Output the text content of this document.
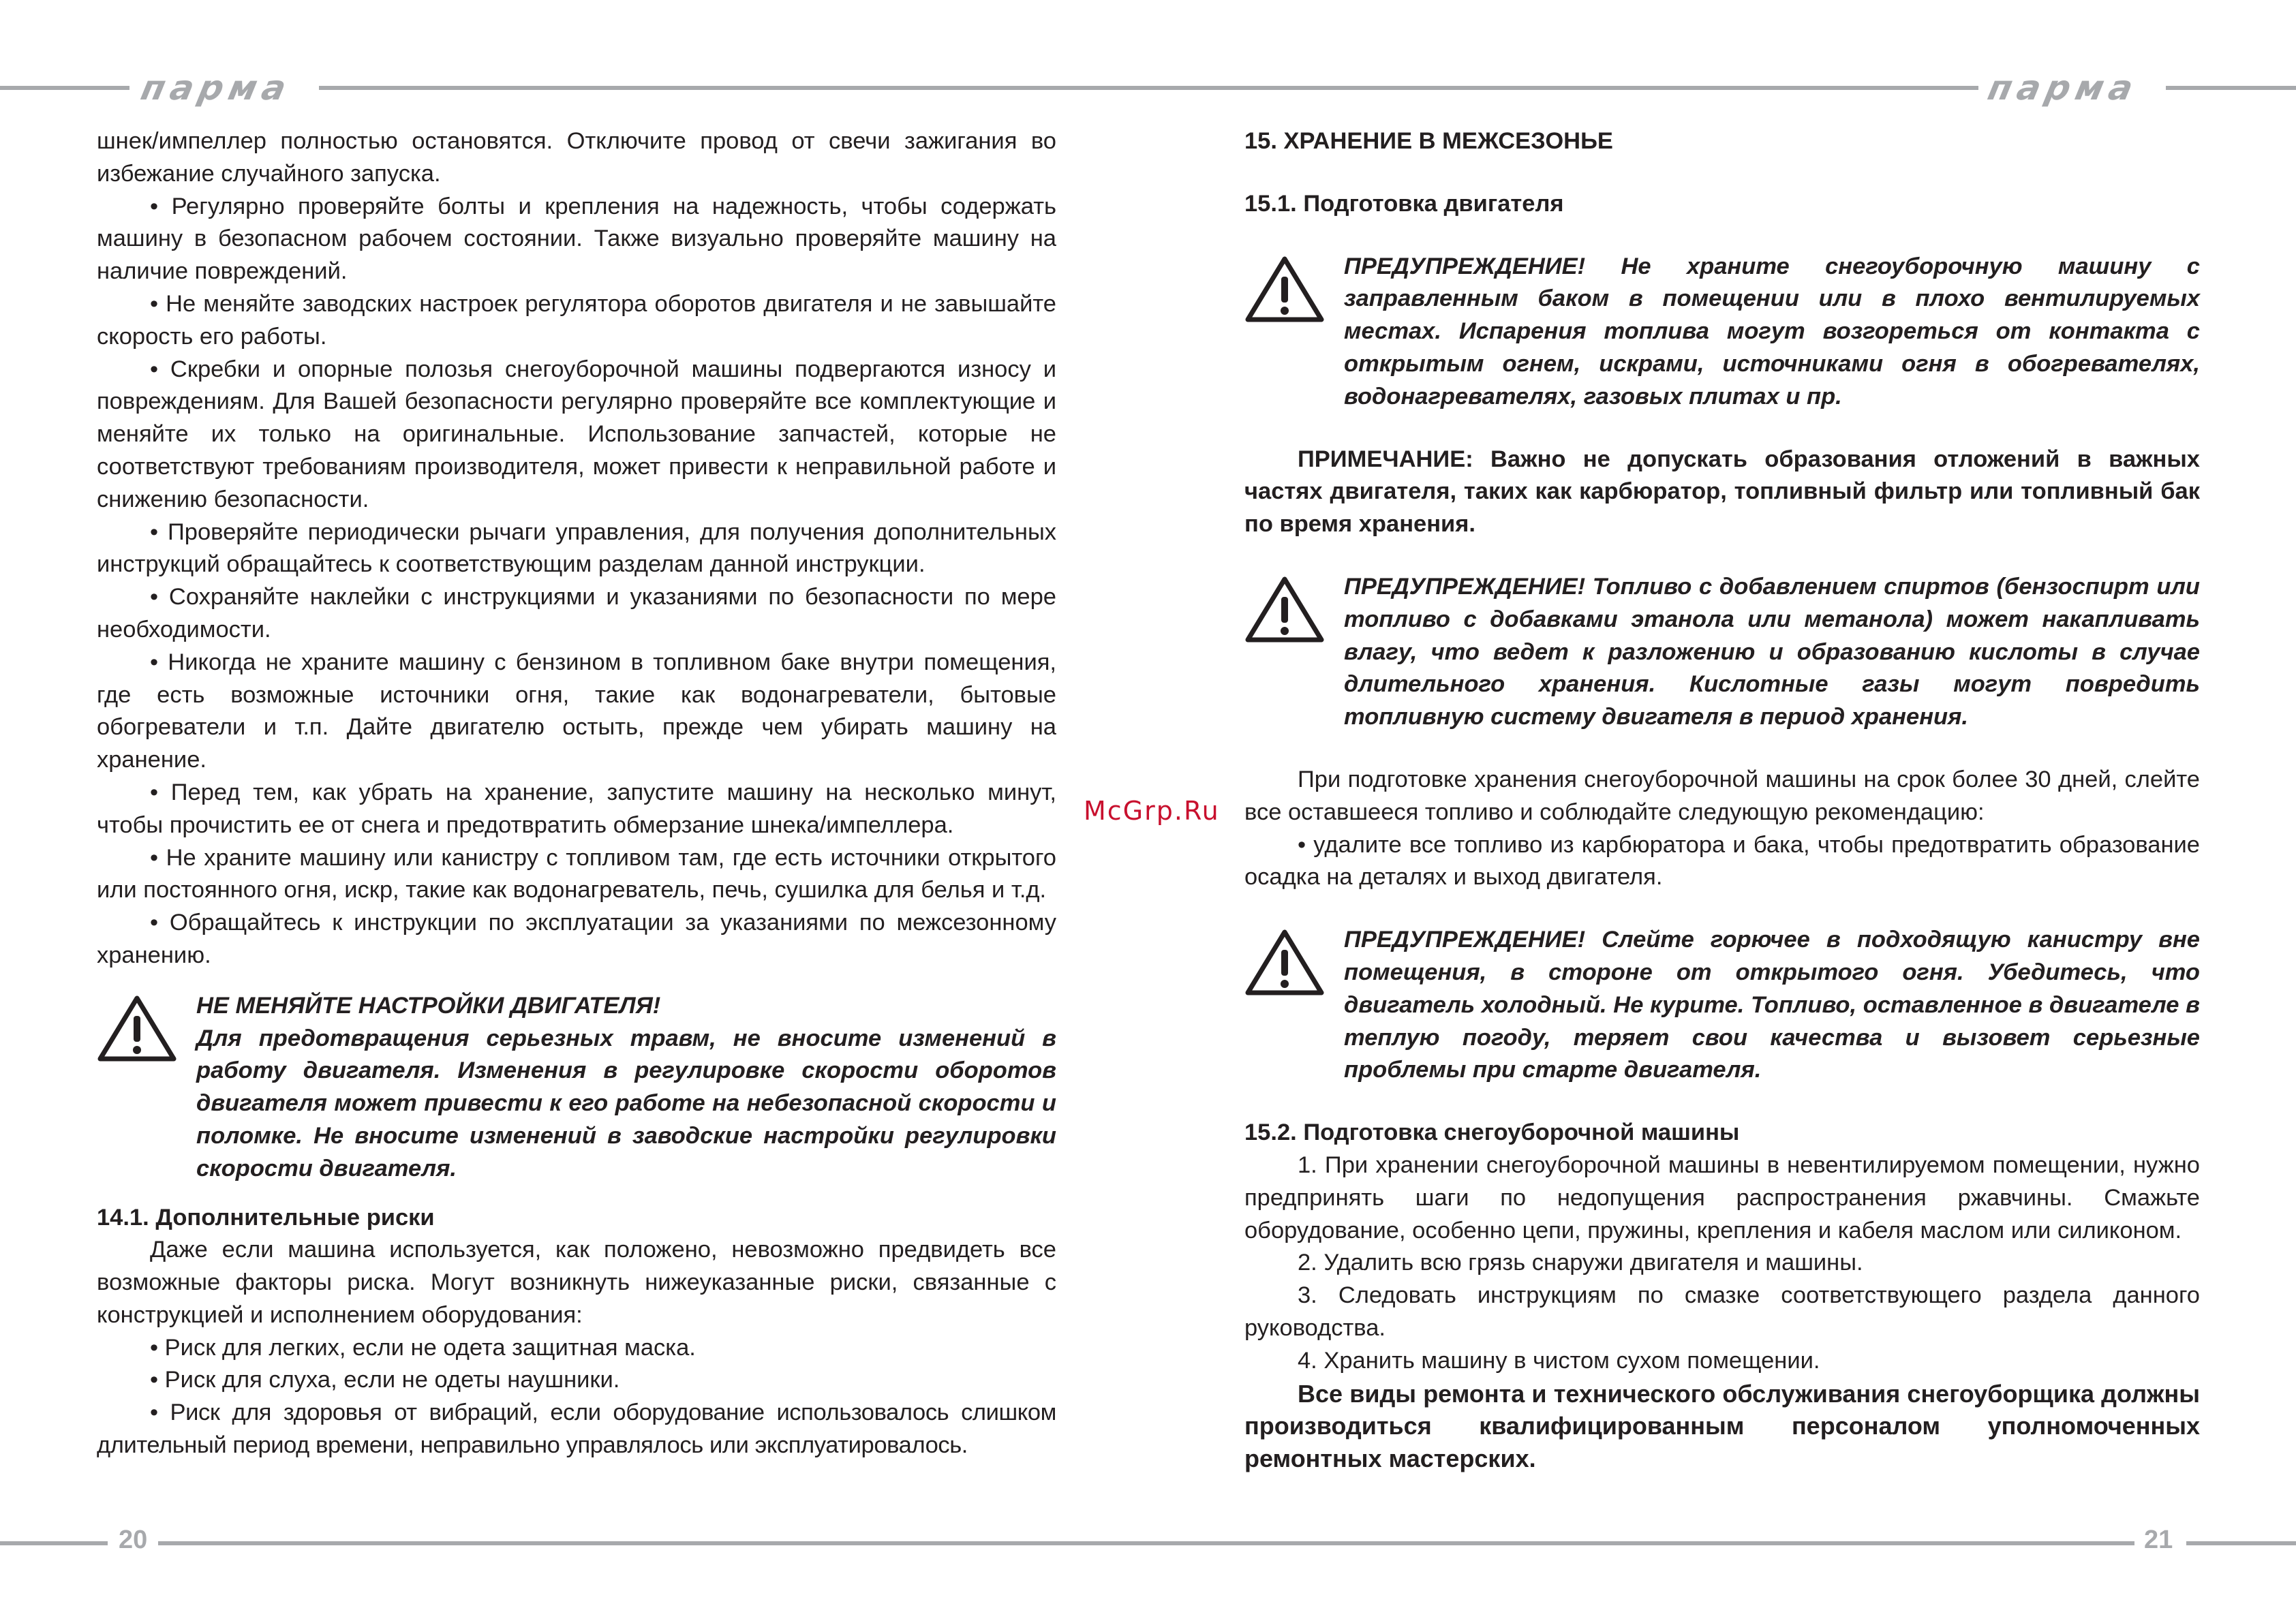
парма	парма
20	21
McGrp.Ru

шнек/импеллер полностью остановятся. Отключите провод от свечи зажигания во избежание случайного запуска.

• Регулярно проверяйте болты и крепления на надежность, чтобы содержать машину в безопасном рабочем состоянии. Также визуально проверяйте машину на наличие повреждений.

• Не меняйте заводских настроек регулятора оборотов двигателя и не завышайте скорость его работы.

• Скребки и опорные полозья снегоуборочной машины подвергаются износу и повреждениям. Для Вашей безопасности регулярно проверяйте все комплектующие и меняйте их только на оригинальные. Использование запчастей, которые не соответствуют требованиям производителя, может привести к неправильной работе и снижению безопасности.

• Проверяйте периодически рычаги управления, для получения дополнительных инструкций обращайтесь к соответствующим разделам данной инструкции.

• Сохраняйте наклейки с инструкциями и указаниями по безопасности по мере необходимости.

• Никогда не храните машину с бензином в топливном баке внутри помещения, где есть возможные источники огня, такие как водонагреватели, бытовые обогреватели и т.п. Дайте двигателю остыть, прежде чем убирать машину на хранение.

• Перед тем, как убрать на хранение, запустите машину на несколько минут, чтобы прочистить ее от снега и предотвратить обмерзание шнека/импеллера.

• Не храните машину или канистру с топливом там, где есть источники открытого или постоянного огня, искр, такие как водонагреватель, печь, сушилка для белья и т.д.

• Обращайтесь к инструкции по эксплуатации за указаниями по межсезонному хранению.

НЕ МЕНЯЙТЕ НАСТРОЙКИ ДВИГАТЕЛЯ!

Для предотвращения серьезных травм, не вносите изменений в работу двигателя. Изменения в регулировке скорости оборотов двигателя может привести к его работе на небезопасной скорости и поломке. Не вносите изменений в заводские настройки регулировки скорости двигателя.

14.1. Дополнительные риски

Даже если машина используется, как положено, невозможно предвидеть все возможные факторы риска. Могут возникнуть нижеуказанные риски, связанные с конструкцией и исполнением оборудования:

• Риск для легких, если не одета защитная маска.

• Риск для слуха, если не одеты наушники.

• Риск для здоровья от вибраций, если оборудование использовалось слишком длительный период времени, неправильно управлялось или эксплуатировалось.

15. ХРАНЕНИЕ В МЕЖСЕЗОНЬЕ

15.1. Подготовка двигателя

ПРЕДУПРЕЖДЕНИЕ! Не храните снегоуборочную машину с заправленным баком в помещении или в плохо вентилируемых местах. Испарения топлива могут возгореться от контакта с открытым огнем, искрами, источниками огня в обогревателях, водонагревателях, газовых плитах и пр.

ПРИМЕЧАНИЕ: Важно не допускать образования отложений в важных частях двигателя, таких как карбюратор, топливный фильтр или топливный бак по время хранения.

ПРЕДУПРЕЖДЕНИЕ! Топливо с добавлением спиртов (бензоспирт или топливо с добавками этанола или метанола) может накапливать влагу, что ведет к разложению и образованию кислоты в случае длительного хранения. Кислотные газы могут повредить топливную систему двигателя в период хранения.

При подготовке хранения снегоуборочной машины на срок более 30 дней, слейте все оставшееся топливо и соблюдайте следующую рекомендацию:

• удалите все топливо из карбюратора и бака, чтобы предотвратить образование осадка на деталях и выход двигателя.

ПРЕДУПРЕЖДЕНИЕ! Слейте горючее в подходящую канистру вне помещения, в стороне от открытого огня. Убедитесь, что двигатель холодный. Не курите. Топливо, оставленное в двигателе в теплую погоду, теряет свои качества и вызовет серьезные проблемы при старте двигателя.

15.2. Подготовка снегоуборочной машины

1. При хранении снегоуборочной машины в невентилируемом помещении, нужно предпринять шаги по недопущения распространения ржавчины. Смажьте оборудование, особенно цепи, пружины, крепления и кабеля маслом или силиконом.

2. Удалить всю грязь снаружи двигателя и машины.

3. Следовать инструкциям по смазке соответствующего раздела данного руководства.

4. Хранить машину в чистом сухом помещении.

Все виды ремонта и технического обслуживания снегоуборщика должны производиться квалифицированным персоналом уполномоченных ремонтных мастерских.
